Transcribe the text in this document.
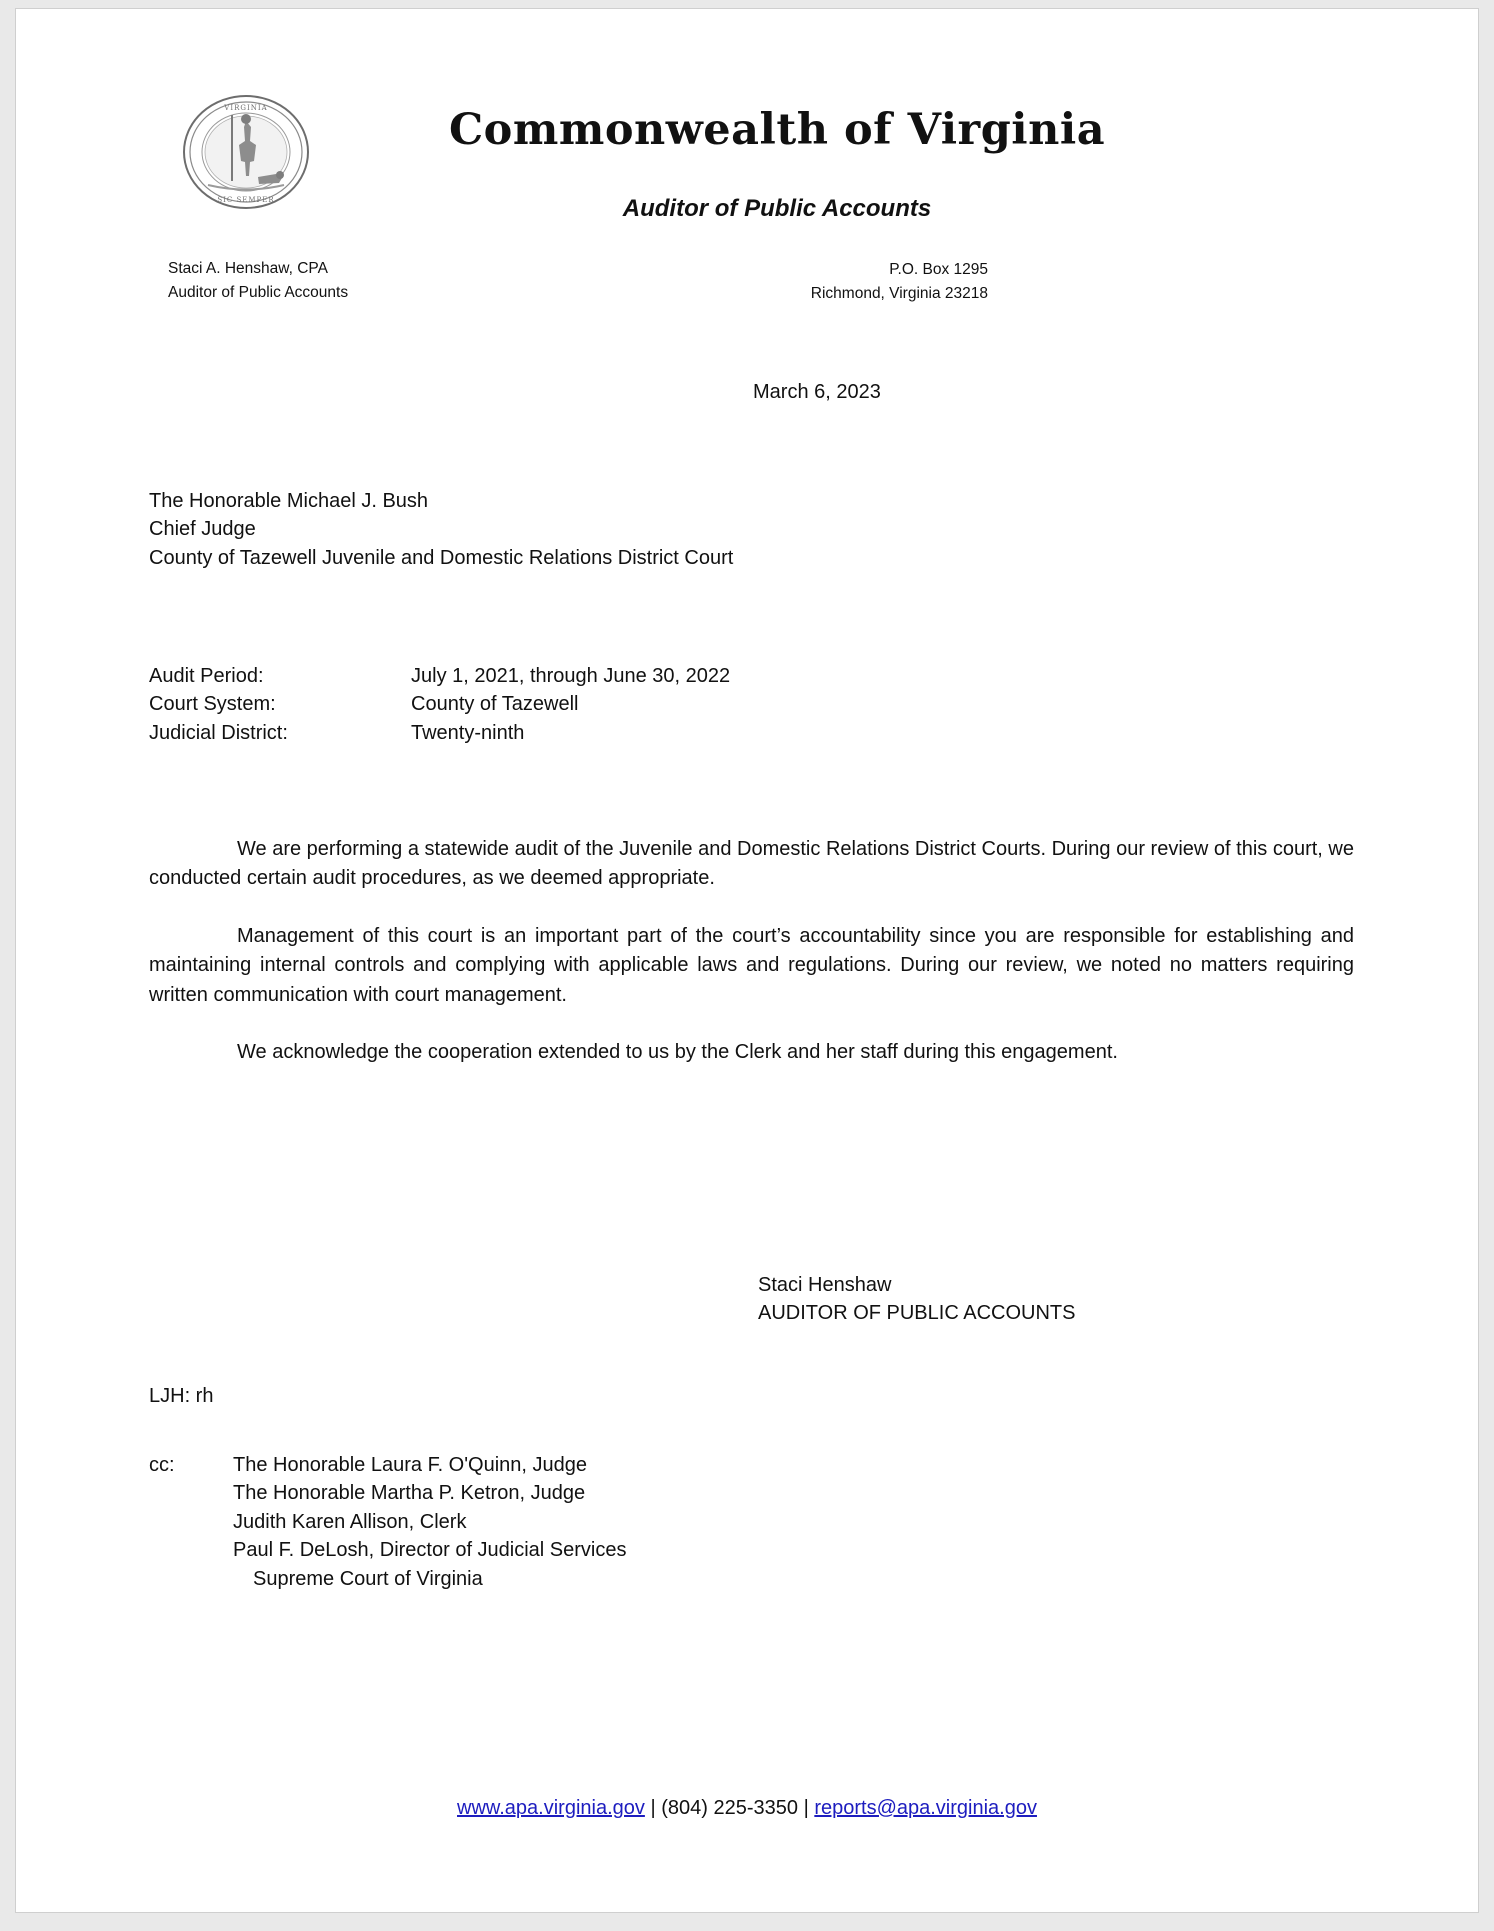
VIRGINIA
SIC SEMPER
Commonwealth of Virginia
Auditor of Public Accounts
Staci A. Henshaw, CPA
Auditor of Public Accounts
P.O. Box 1295
Richmond, Virginia 23218
March 6, 2023
The Honorable Michael J. Bush
Chief Judge
County of Tazewell Juvenile and Domestic Relations District Court
Audit Period:	July 1, 2021, through June 30, 2022
Court System:	County of Tazewell
Judicial District:	Twenty-ninth

We are performing a statewide audit of the Juvenile and Domestic Relations District Courts. During our review of this court, we conducted certain audit procedures, as we deemed appropriate.

Management of this court is an important part of the court’s accountability since you are responsible for establishing and maintaining internal controls and complying with applicable laws and regulations. During our review, we noted no matters requiring written communication with court management.

We acknowledge the cooperation extended to us by the Clerk and her staff during this engagement.

Staci Henshaw
AUDITOR OF PUBLIC ACCOUNTS
LJH: rh
cc:	The Honorable Laura F. O'Quinn, Judge
The Honorable Martha P. Ketron, Judge
Judith Karen Allison, Clerk
Paul F. DeLosh, Director of Judicial Services
Supreme Court of Virginia
www.apa.virginia.gov | (804) 225-3350 | reports@apa.virginia.gov
